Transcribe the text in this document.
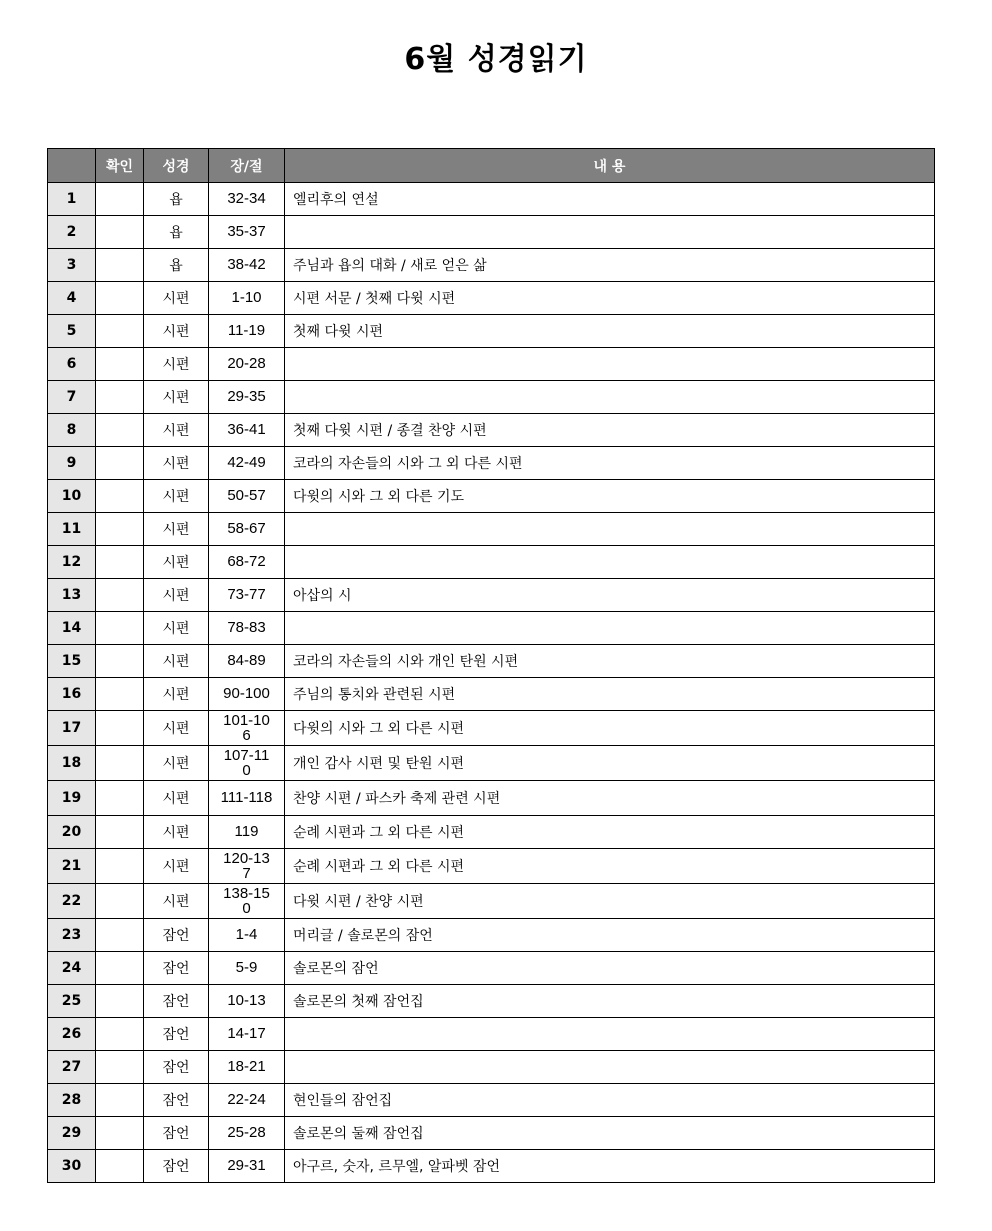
6월 성경읽기
	확인	성경	장/절	내 용
1		욥	32-34	엘리후의 연설
2		욥	35-37	
3		욥	38-42	주님과 욥의 대화 / 새로 얻은 삶
4		시편	1-10	시편 서문 / 첫째 다윗 시편
5		시편	11-19	첫째 다윗 시편
6		시편	20-28	
7		시편	29-35	
8		시편	36-41	첫째 다윗 시편 / 종결 찬양 시편
9		시편	42-49	코라의 자손들의 시와 그 외 다른 시편
10		시편	50-57	다윗의 시와 그 외 다른 기도
11		시편	58-67	
12		시편	68-72	
13		시편	73-77	아삽의 시
14		시편	78-83	
15		시편	84-89	코라의 자손들의 시와 개인 탄원 시편
16		시편	90-100	주님의 통치와 관련된 시편
17		시편	101-106	다윗의 시와 그 외 다른 시편
18		시편	107-110	개인 감사 시편 및 탄원 시편
19		시편	111-118	찬양 시편 / 파스카 축제 관련 시편
20		시편	119	순례 시편과 그 외 다른 시편
21		시편	120-137	순례 시편과 그 외 다른 시편
22		시편	138-150	다윗 시편 / 찬양 시편
23		잠언	1-4	머리글 / 솔로몬의 잠언
24		잠언	5-9	솔로몬의 잠언
25		잠언	10-13	솔로몬의 첫째 잠언집
26		잠언	14-17	
27		잠언	18-21	
28		잠언	22-24	현인들의 잠언집
29		잠언	25-28	솔로몬의 둘째 잠언집
30		잠언	29-31	아구르, 숫자, 르무엘, 알파벳 잠언
